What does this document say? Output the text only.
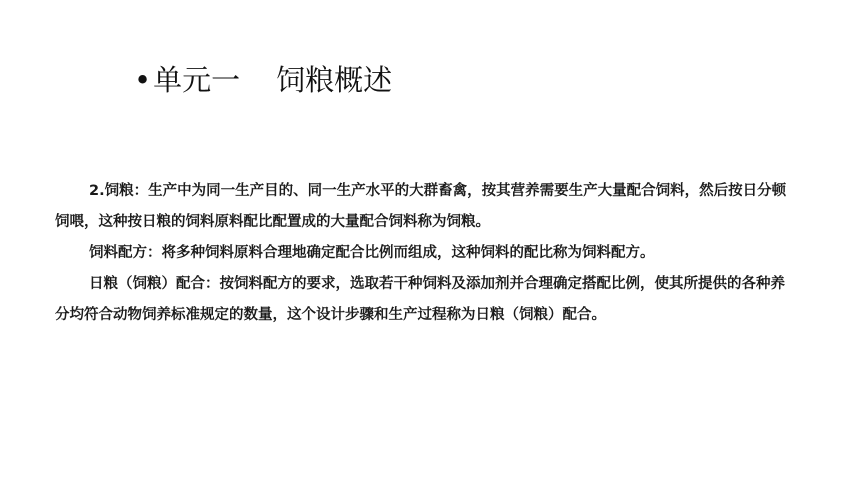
•单元一 饲粮概述

2.饲粮：生产中为同一生产目的、同一生产水平的大群畜禽，按其营养需要生产大量配合饲料，然后按日分顿饲喂，这种按日粮的饲料原料配比配置成的大量配合饲料称为饲粮。

饲料配方：将多种饲料原料合理地确定配合比例而组成，这种饲料的配比称为饲料配方。

日粮（饲粮）配合：按饲料配方的要求，选取若干种饲料及添加剂并合理确定搭配比例，使其所提供的各种养分均符合动物饲养标准规定的数量，这个设计步骤和生产过程称为日粮（饲粮）配合。
